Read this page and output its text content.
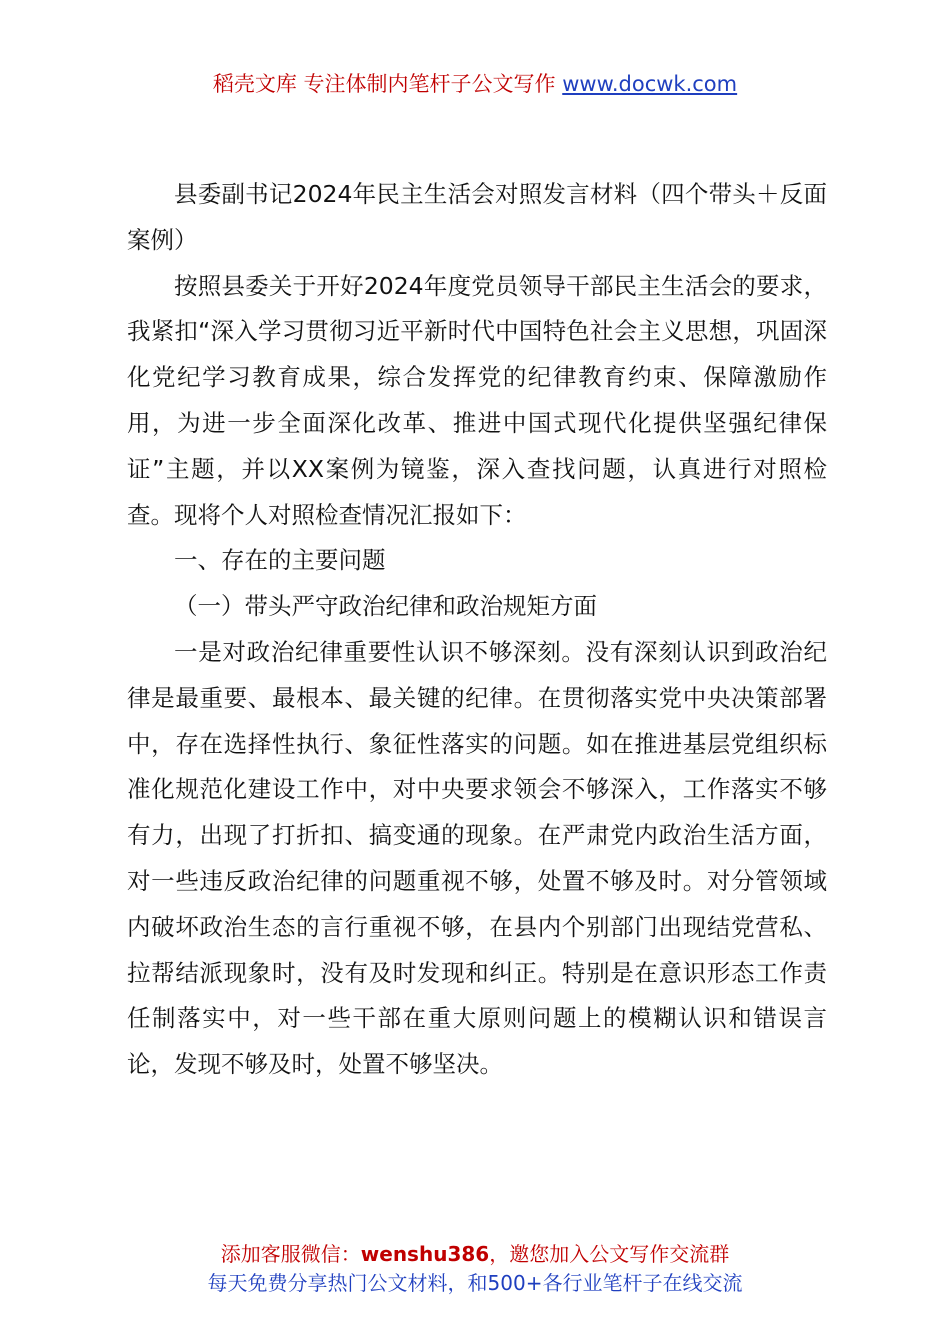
稻壳文库 专注体制内笔杆子公文写作 www.docwk.com

县委副书记2024年民主生活会对照发言材料（四个带头＋反面案例）

按照县委关于开好2024年度党员领导干部民主生活会的要求，我紧扣“深入学习贯彻习近平新时代中国特色社会主义思想，巩固深化党纪学习教育成果，综合发挥党的纪律教育约束、保障激励作用，为进一步全面深化改革、推进中国式现代化提供坚强纪律保证”主题，并以XX案例为镜鉴，深入查找问题，认真进行对照检查。现将个人对照检查情况汇报如下：

一、存在的主要问题

（一）带头严守政治纪律和政治规矩方面

一是对政治纪律重要性认识不够深刻。没有深刻认识到政治纪律是最重要、最根本、最关键的纪律。在贯彻落实党中央决策部署中，存在选择性执行、象征性落实的问题。如在推进基层党组织标准化规范化建设工作中，对中央要求领会不够深入，工作落实不够有力，出现了打折扣、搞变通的现象。在严肃党内政治生活方面，对一些违反政治纪律的问题重视不够，处置不够及时。对分管领域内破坏政治生态的言行重视不够，在县内个别部门出现结党营私、拉帮结派现象时，没有及时发现和纠正。特别是在意识形态工作责任制落实中，对一些干部在重大原则问题上的模糊认识和错误言论，发现不够及时，处置不够坚决。

添加客服微信：wenshu386，邀您加入公文写作交流群
每天免费分享热门公文材料，和500+各行业笔杆子在线交流
